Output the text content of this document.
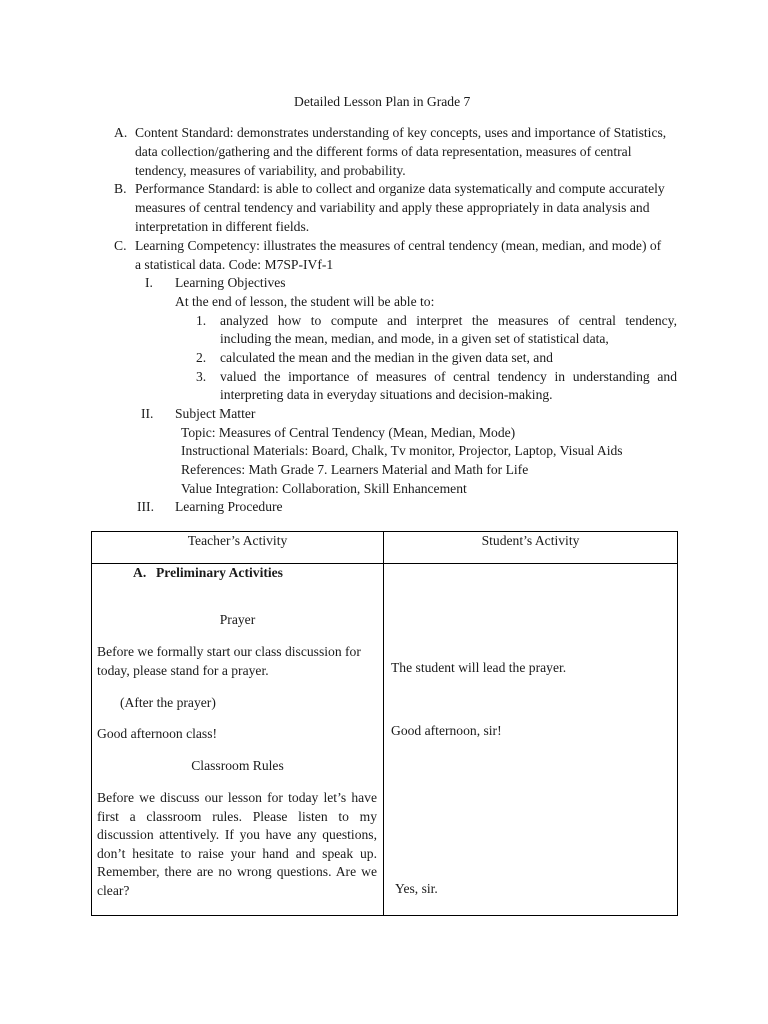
Detailed Lesson Plan in Grade 7
A. Content Standard: demonstrates understanding of key concepts, uses and importance of Statistics,
data collection/gathering and the different forms of data representation, measures of central
tendency, measures of variability, and probability.
B. Performance Standard: is able to collect and organize data systematically and compute accurately
measures of central tendency and variability and apply these appropriately in data analysis and
interpretation in different fields.
C. Learning Competency: illustrates the measures of central tendency (mean, median, and mode) of
a statistical data. Code: M7SP-IVf-1
I. Learning Objectives
At the end of lesson, the student will be able to:
1. analyzed how to compute and interpret the measures of central tendency,
including the mean, median, and mode, in a given set of statistical data,
2. calculated the mean and the median in the given data set, and
3. valued the importance of measures of central tendency in understanding and
interpreting data in everyday situations and decision-making.
II. Subject Matter
Topic: Measures of Central Tendency (Mean, Median, Mode)
Instructional Materials: Board, Chalk, Tv monitor, Projector, Laptop, Visual Aids
References: Math Grade 7. Learners Material and Math for Life
Value Integration: Collaboration, Skill Enhancement
III. Learning Procedure
Teacher’s Activity	Student’s Activity
A. Preliminary Activities
Prayer
Before we formally start our class discussion for
today, please stand for a prayer.
(After the prayer)
Good afternoon class!
Classroom Rules
Before we discuss our lesson for today let’s have
first a classroom rules. Please listen to my
discussion attentively. If you have any questions,
don’t hesitate to raise your hand and speak up.
Remember, there are no wrong questions. Are we
clear?
The student will lead the prayer.
Good afternoon, sir!
Yes, sir.
